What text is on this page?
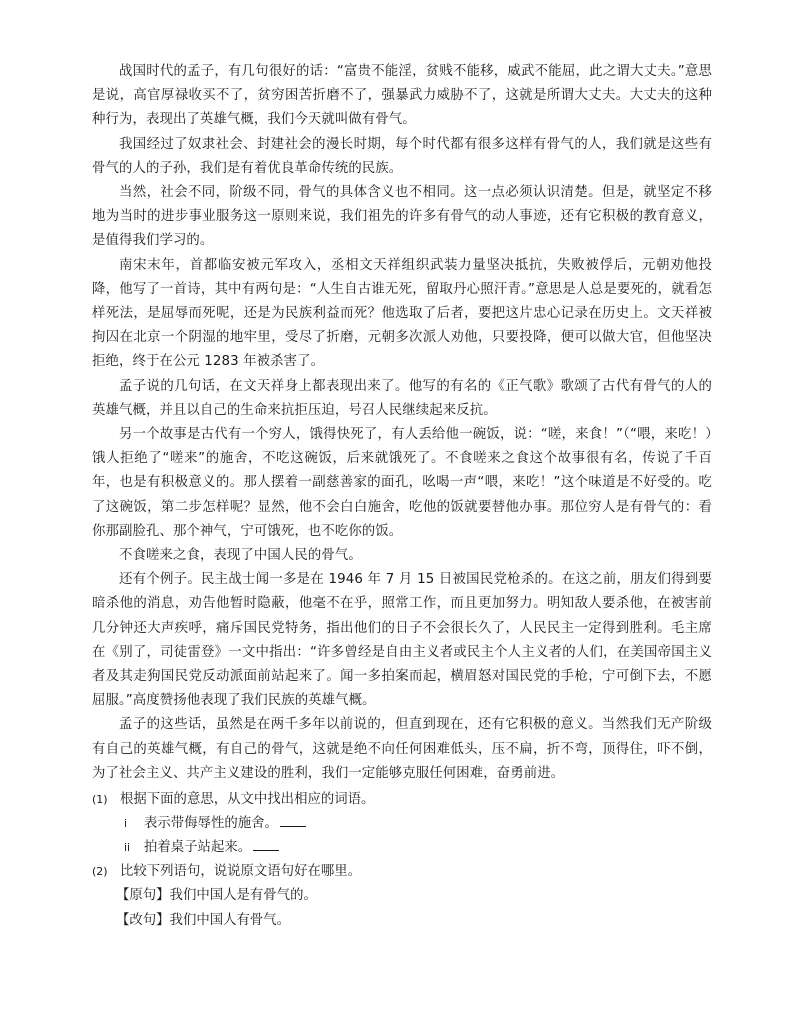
战国时代的孟子，有几句很好的话：“富贵不能淫，贫贱不能移，威武不能屈，此之谓大丈夫。”意思是说，高官厚禄收买不了，贫穷困苦折磨不了，强暴武力威胁不了，这就是所谓大丈夫。大丈夫的这种种行为，表现出了英雄气概，我们今天就叫做有骨气。

我国经过了奴隶社会、封建社会的漫长时期，每个时代都有很多这样有骨气的人，我们就是这些有骨气的人的子孙，我们是有着优良革命传统的民族。

当然，社会不同，阶级不同，骨气的具体含义也不相同。这一点必须认识清楚。但是，就坚定不移地为当时的进步事业服务这一原则来说，我们祖先的许多有骨气的动人事迹，还有它积极的教育意义，是值得我们学习的。

南宋末年，首都临安被元军攻入，丞相文天祥组织武装力量坚决抵抗，失败被俘后，元朝劝他投降，他写了一首诗，其中有两句是：“人生自古谁无死，留取丹心照汗青。”意思是人总是要死的，就看怎样死法，是屈辱而死呢，还是为民族利益而死？他选取了后者，要把这片忠心记录在历史上。文天祥被拘囚在北京一个阴湿的地牢里，受尽了折磨，元朝多次派人劝他，只要投降，便可以做大官，但他坚决拒绝，终于在公元 1283 年被杀害了。

孟子说的几句话，在文天祥身上都表现出来了。他写的有名的《正气歌》歌颂了古代有骨气的人的英雄气概，并且以自己的生命来抗拒压迫，号召人民继续起来反抗。

另一个故事是古代有一个穷人，饿得快死了，有人丢给他一碗饭，说：“嗟，来食！”（“喂，来吃！）饿人拒绝了“嗟来”的施舍，不吃这碗饭，后来就饿死了。不食嗟来之食这个故事很有名，传说了千百年，也是有积极意义的。那人摆着一副慈善家的面孔，吆喝一声“喂，来吃！”这个味道是不好受的。吃了这碗饭，第二步怎样呢？显然，他不会白白施舍，吃他的饭就要替他办事。那位穷人是有骨气的：看你那副脸孔、那个神气，宁可饿死，也不吃你的饭。

不食嗟来之食，表现了中国人民的骨气。

还有个例子。民主战士闻一多是在 1946 年 7 月 15 日被国民党枪杀的。在这之前，朋友们得到要暗杀他的消息，劝告他暂时隐蔽，他毫不在乎，照常工作，而且更加努力。明知敌人要杀他，在被害前几分钟还大声疾呼，痛斥国民党特务，指出他们的日子不会很长久了，人民民主一定得到胜利。毛主席在《别了，司徒雷登》一文中指出：“许多曾经是自由主义者或民主个人主义者的人们，在美国帝国主义者及其走狗国民党反动派面前站起来了。闻一多拍案而起，横眉怒对国民党的手枪，宁可倒下去，不愿屈服。”高度赞扬他表现了我们民族的英雄气概。

孟子的这些话，虽然是在两千多年以前说的，但直到现在，还有它积极的意义。当然我们无产阶级有自己的英雄气概，有自己的骨气，这就是绝不向任何困难低头，压不扁，折不弯，顶得住，吓不倒，为了社会主义、共产主义建设的胜利，我们一定能够克服任何困难，奋勇前进。

(1) 根据下面的意思，从文中找出相应的词语。

i 表示带侮辱性的施舍。

ii 拍着桌子站起来。

(2) 比较下列语句，说说原文语句好在哪里。

【原句】我们中国人是有骨气的。

【改句】我们中国人有骨气。
